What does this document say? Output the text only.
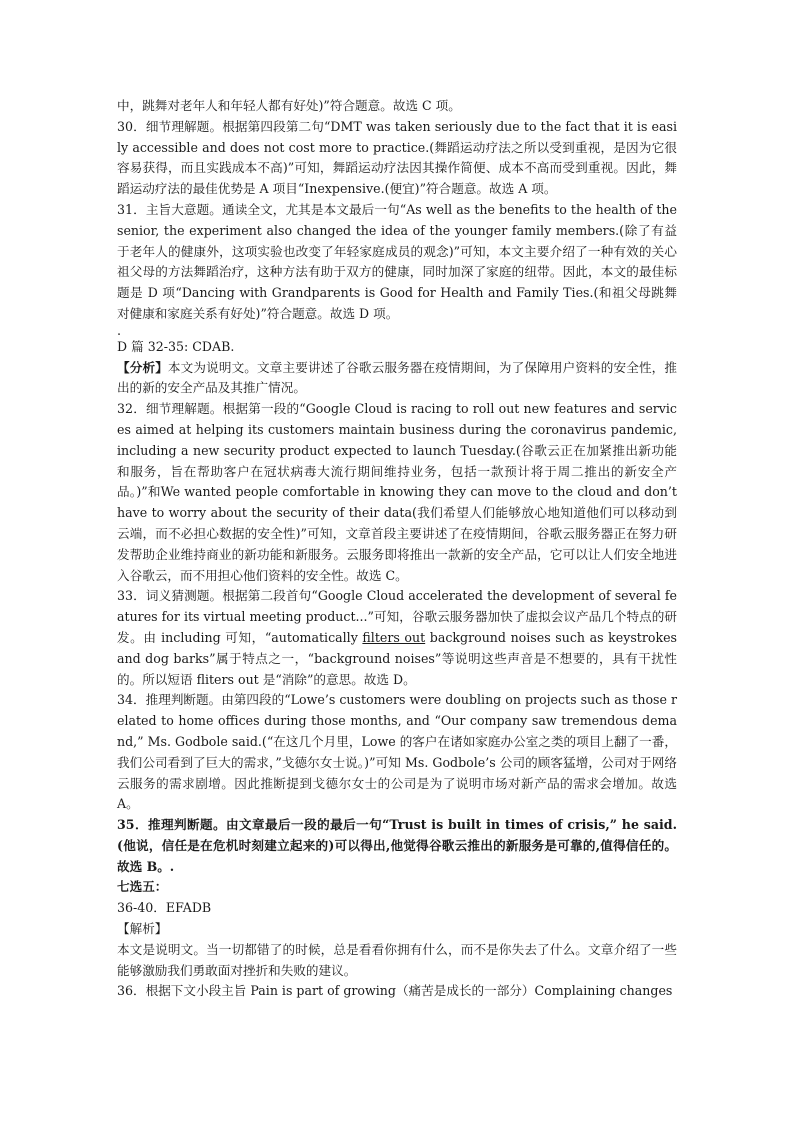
中，跳舞对老年人和年轻人都有好处)”符合题意。故选 C 项。

30．细节理解题。根据第四段第二句“DMT was taken seriously due to the fact that it is easily accessible and does not cost more to practice.(舞蹈运动疗法之所以受到重视，是因为它很容易获得，而且实践成本不高)”可知，舞蹈运动疗法因其操作简便、成本不高而受到重视。因此，舞蹈运动疗法的最佳优势是 A 项目“Inexpensive.(便宜)”符合题意。故选 A 项。

31．主旨大意题。通读全文，尤其是本文最后一句“As well as the benefits to the health of the senior, the experiment also changed the idea of the younger family members.(除了有益于老年人的健康外，这项实验也改变了年轻家庭成员的观念)”可知，本文主要介绍了一种有效的关心祖父母的方法舞蹈治疗，这种方法有助于双方的健康，同时加深了家庭的纽带。因此，本文的最佳标题是 D 项“Dancing with Grandparents is Good for Health and Family Ties.(和祖父母跳舞对健康和家庭关系有好处)”符合题意。故选 D 项。

.

D 篇 32-35: CDAB.

【分析】本文为说明文。文章主要讲述了谷歌云服务器在疫情期间，为了保障用户资料的安全性，推出的新的安全产品及其推广情况。

32．细节理解题。根据第一段的“Google Cloud is racing to roll out new features and services aimed at helping its customers maintain business during the coronavirus pandemic, including a new security product expected to launch Tuesday.(谷歌云正在加紧推出新功能和服务，旨在帮助客户在冠状病毒大流行期间维持业务，包括一款预计将于周二推出的新安全产品。)”和We wanted people comfortable in knowing they can move to the cloud and don’t have to worry about the security of their data(我们希望人们能够放心地知道他们可以移动到云端，而不必担心数据的安全性)”可知，文章首段主要讲述了在疫情期间，谷歌云服务器正在努力研发帮助企业维持商业的新功能和新服务。云服务即将推出一款新的安全产品，它可以让人们安全地进入谷歌云，而不用担心他们资料的安全性。故选 C。

33．词义猜测题。根据第二段首句“Google Cloud accelerated the development of several features for its virtual meeting product...”可知，谷歌云服务器加快了虚拟会议产品几个特点的研发。由 including 可知，“automatically filters out background noises such as keystrokes and dog barks”属于特点之一，“background noises”等说明这些声音是不想要的，具有干扰性的。所以短语 fliters out 是“消除”的意思。故选 D。

34．推理判断题。由第四段的“Lowe’s customers were doubling on projects such as those related to home offices during those months, and “Our company saw tremendous demand,” Ms. Godbole said.(“在这几个月里，Lowe 的客户在诸如家庭办公室之类的项目上翻了一番，我们公司看到了巨大的需求，”戈德尔女士说。)”可知 Ms. Godbole’s 公司的顾客猛增，公司对于网络云服务的需求剧增。因此推断提到戈德尔女士的公司是为了说明市场对新产品的需求会增加。故选 A。

35．推理判断题。由文章最后一段的最后一句“Trust is built in times of crisis,” he said.(他说，信任是在危机时刻建立起来的)可以得出,他觉得谷歌云推出的新服务是可靠的,值得信任的。故选 B。.

七选五：

36-40．EFADB

【解析】

本文是说明文。当一切都错了的时候，总是看看你拥有什么，而不是你失去了什么。文章介绍了一些能够激励我们勇敢面对挫折和失败的建议。

36．根据下文小段主旨 Pain is part of growing（痛苦是成长的一部分）Complaining changes
